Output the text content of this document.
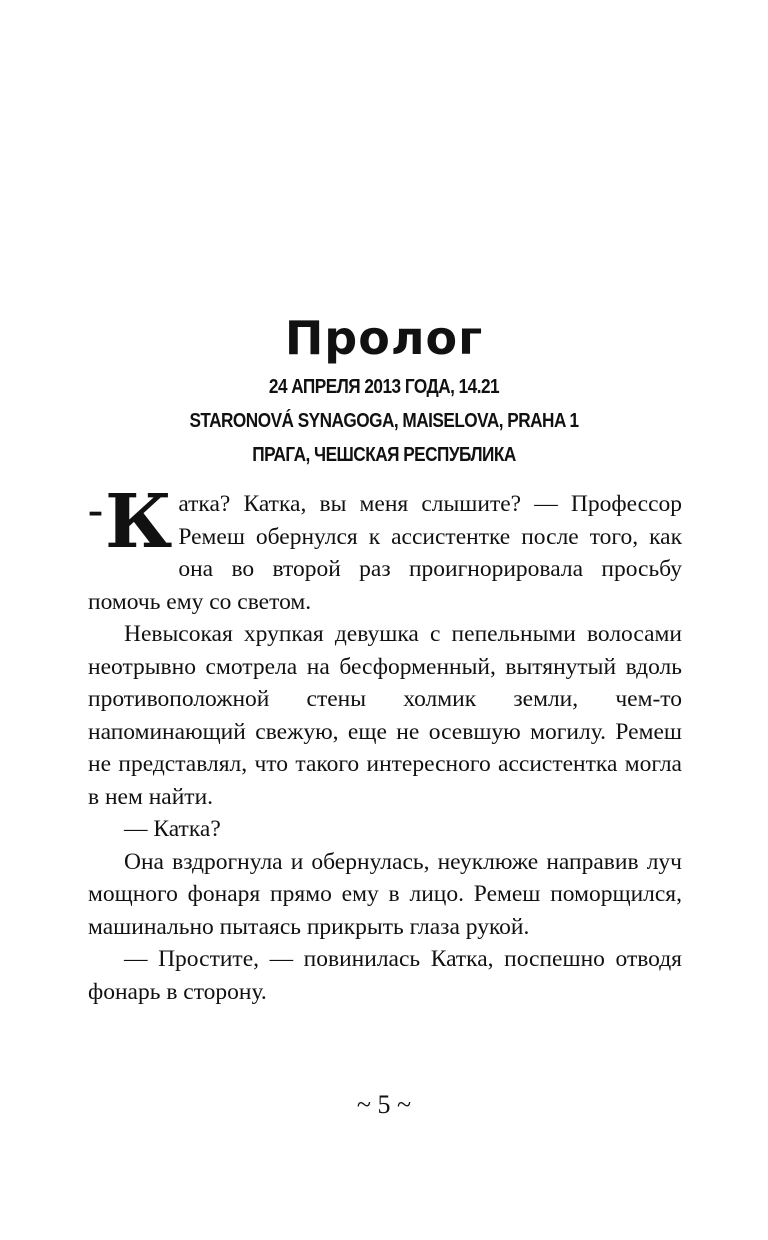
Пролог
24 АПРЕЛЯ 2013 ГОДА, 14.21
STARONOVÁ SYNAGOGA, MAISELOVA, PRAHA 1
ПРАГА, ЧЕШСКАЯ РЕСПУБЛИКА

– К атка? Катка, вы меня слышите? — Профессор Ремеш обернулся к ассистентке после того, как она во второй раз проигнорировала просьбу помочь ему со светом.

Невысокая хрупкая девушка с пепельными волосами неотрывно смотрела на бесформенный, вытянутый вдоль противоположной стены холмик земли, чем-то напоминающий свежую, еще не осевшую могилу. Ремеш не представлял, что такого интересного ассистентка могла в нем найти.

— Катка?

Она вздрогнула и обернулась, неуклюже направив луч мощного фонаря прямо ему в лицо. Ремеш поморщился, машинально пытаясь прикрыть глаза рукой.

— Простите, — повинилась Катка, поспешно отводя фонарь в сторону.

~ 5 ~
